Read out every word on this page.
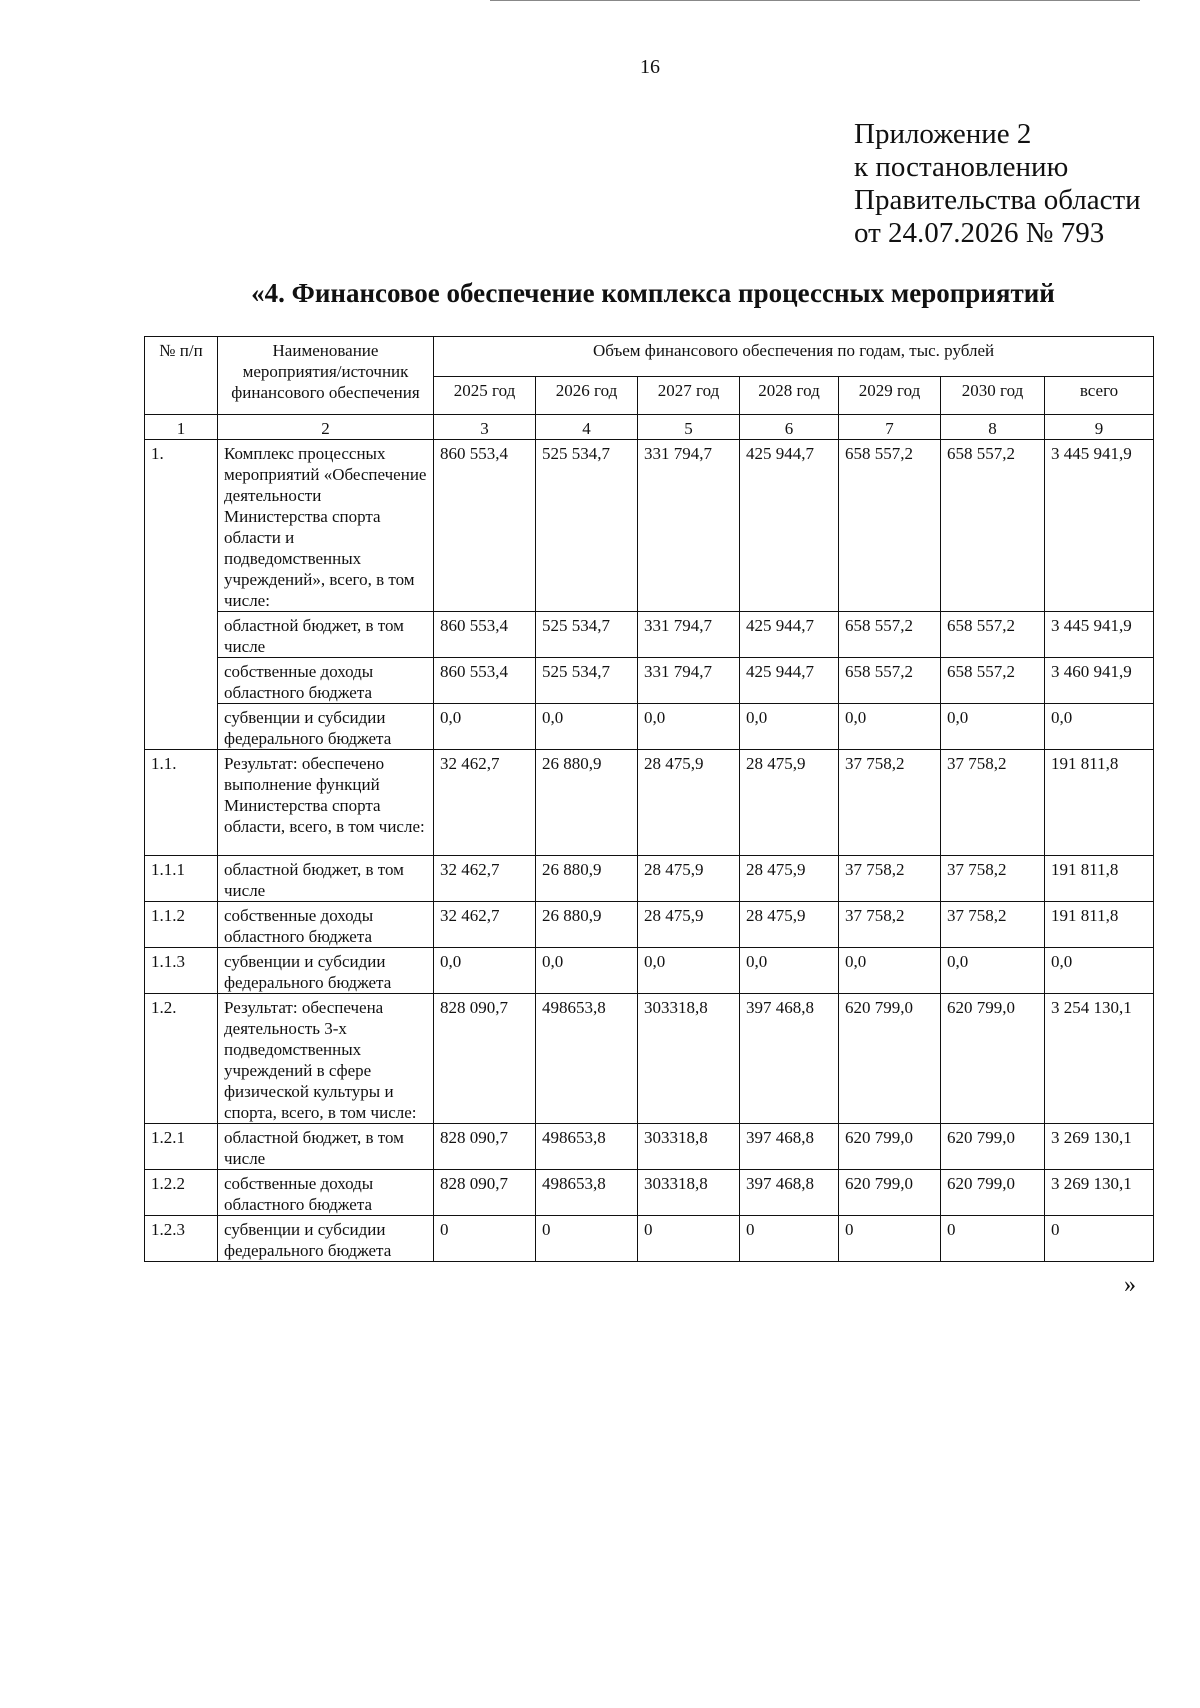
16
Приложение 2
к постановлению
Правительства области
от 24.07.2026 № 793
«4. Финансовое обеспечение комплекса процессных мероприятий
№ п/п	Наименование мероприятия/источник финансового обеспечения	Объем финансового обеспечения по годам, тыс. рублей						
		2025 год	2026 год	2027 год	2028 год	2029 год	2030 год	всего
1	2	3	4	5	6	7	8	9
1.	Комплекс процессных мероприятий «Обеспечение деятельности Министерства спорта области и подведомственных учреждений», всего, в том числе:	860 553,4	525 534,7	331 794,7	425 944,7	658 557,2	658 557,2	3 445 941,9
	областной бюджет, в том числе	860 553,4	525 534,7	331 794,7	425 944,7	658 557,2	658 557,2	3 445 941,9
	собственные доходы областного бюджета	860 553,4	525 534,7	331 794,7	425 944,7	658 557,2	658 557,2	3 460 941,9
	субвенции и субсидии федерального бюджета	0,0	0,0	0,0	0,0	0,0	0,0	0,0
1.1.	Результат: обеспечено выполнение функций Министерства спорта области, всего, в том числе:	32 462,7	26 880,9	28 475,9	28 475,9	37 758,2	37 758,2	191 811,8
1.1.1	областной бюджет, в том числе	32 462,7	26 880,9	28 475,9	28 475,9	37 758,2	37 758,2	191 811,8
1.1.2	собственные доходы областного бюджета	32 462,7	26 880,9	28 475,9	28 475,9	37 758,2	37 758,2	191 811,8
1.1.3	субвенции и субсидии федерального бюджета	0,0	0,0	0,0	0,0	0,0	0,0	0,0
1.2.	Результат: обеспечена деятельность 3-х подведомственных учреждений в сфере физической культуры и спорта, всего, в том числе:	828 090,7	498653,8	303318,8	397 468,8	620 799,0	620 799,0	3 254 130,1
1.2.1	областной бюджет, в том числе	828 090,7	498653,8	303318,8	397 468,8	620 799,0	620 799,0	3 269 130,1
1.2.2	собственные доходы областного бюджета	828 090,7	498653,8	303318,8	397 468,8	620 799,0	620 799,0	3 269 130,1
1.2.3	субвенции и субсидии федерального бюджета	0	0	0	0	0	0	0
»
